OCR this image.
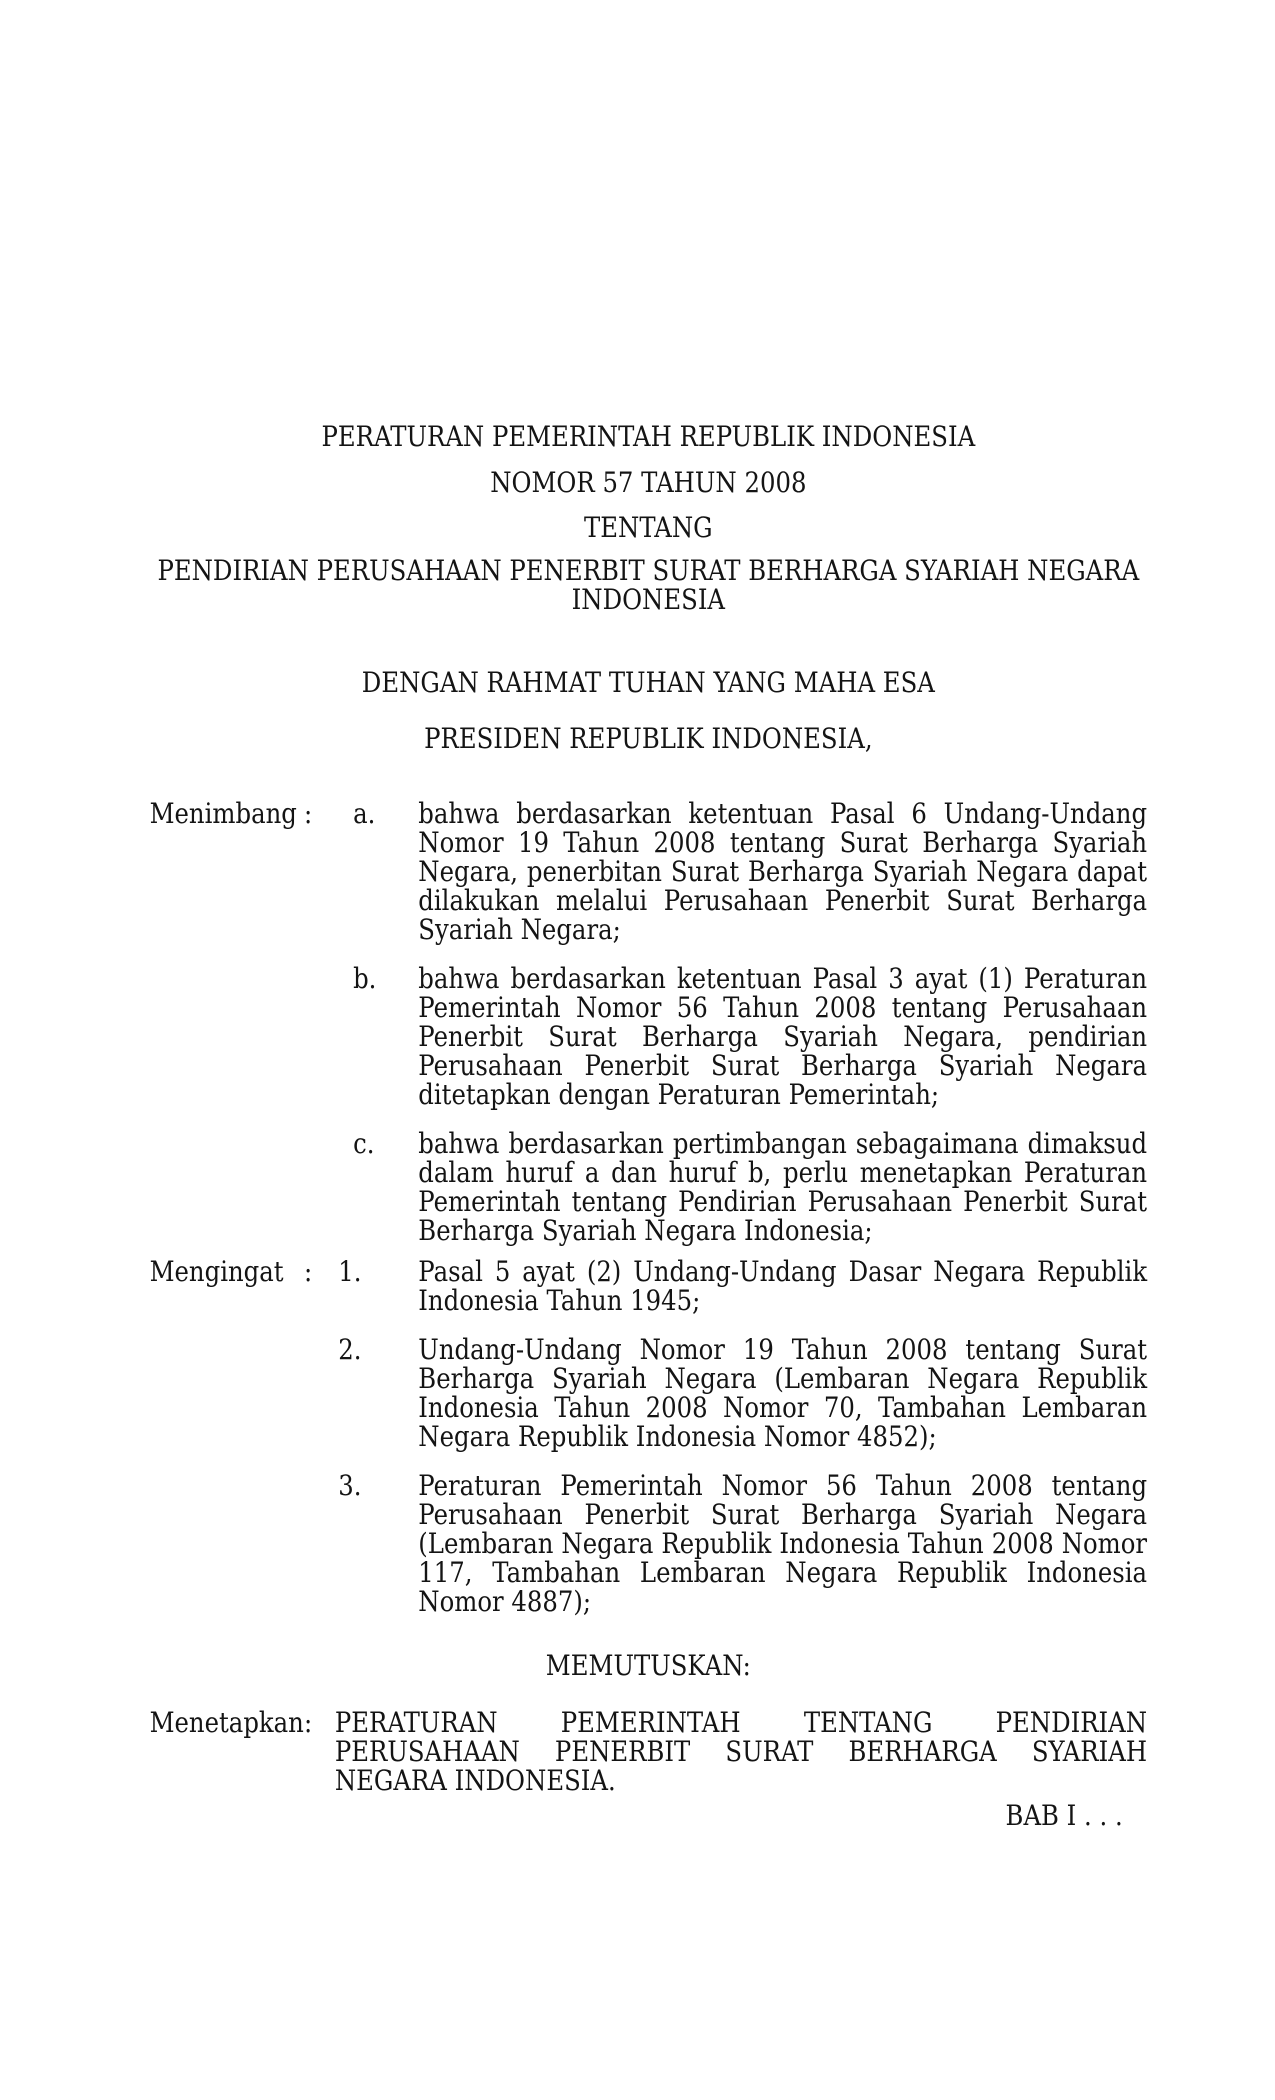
PERATURAN PEMERINTAH REPUBLIK INDONESIA

NOMOR 57 TAHUN 2008

TENTANG

PENDIRIAN PERUSAHAAN PENERBIT SURAT BERHARGA SYARIAH NEGARA INDONESIA

DENGAN RAHMAT TUHAN YANG MAHA ESA

PRESIDEN REPUBLIK INDONESIA,

Menimbang :	a.	bahwa berdasarkan ketentuan Pasal 6 Undang-Undang Nomor 19 Tahun 2008 tentang Surat Berharga Syariah Negara, penerbitan Surat Berharga Syariah Negara dapat dilakukan melalui Perusahaan Penerbit Surat Berharga Syariah Negara;
b.	bahwa berdasarkan ketentuan Pasal 3 ayat (1) Peraturan Pemerintah Nomor 56 Tahun 2008 tentang Perusahaan Penerbit Surat Berharga Syariah Negara, pendirian Perusahaan Penerbit Surat Berharga Syariah Negara ditetapkan dengan Peraturan Pemerintah;
c.	bahwa berdasarkan pertimbangan sebagaimana dimaksud dalam huruf a dan huruf b, perlu menetapkan Peraturan Pemerintah tentang Pendirian Perusahaan Penerbit Surat Berharga Syariah Negara Indonesia;
Mengingat : 1.	Pasal 5 ayat (2) Undang-Undang Dasar Negara Republik Indonesia Tahun 1945;
2.	Undang-Undang Nomor 19 Tahun 2008 tentang Surat Berharga Syariah Negara (Lembaran Negara Republik Indonesia Tahun 2008 Nomor 70, Tambahan Lembaran Negara Republik Indonesia Nomor 4852);
3.	Peraturan Pemerintah Nomor 56 Tahun 2008 tentang Perusahaan Penerbit Surat Berharga Syariah Negara (Lembaran Negara Republik Indonesia Tahun 2008 Nomor 117, Tambahan Lembaran Negara Republik Indonesia Nomor 4887);

MEMUTUSKAN:

Menetapkan : PERATURAN PEMERINTAH TENTANG PENDIRIAN PERUSAHAAN PENERBIT SURAT BERHARGA SYARIAH NEGARA INDONESIA.

BAB I . . .
